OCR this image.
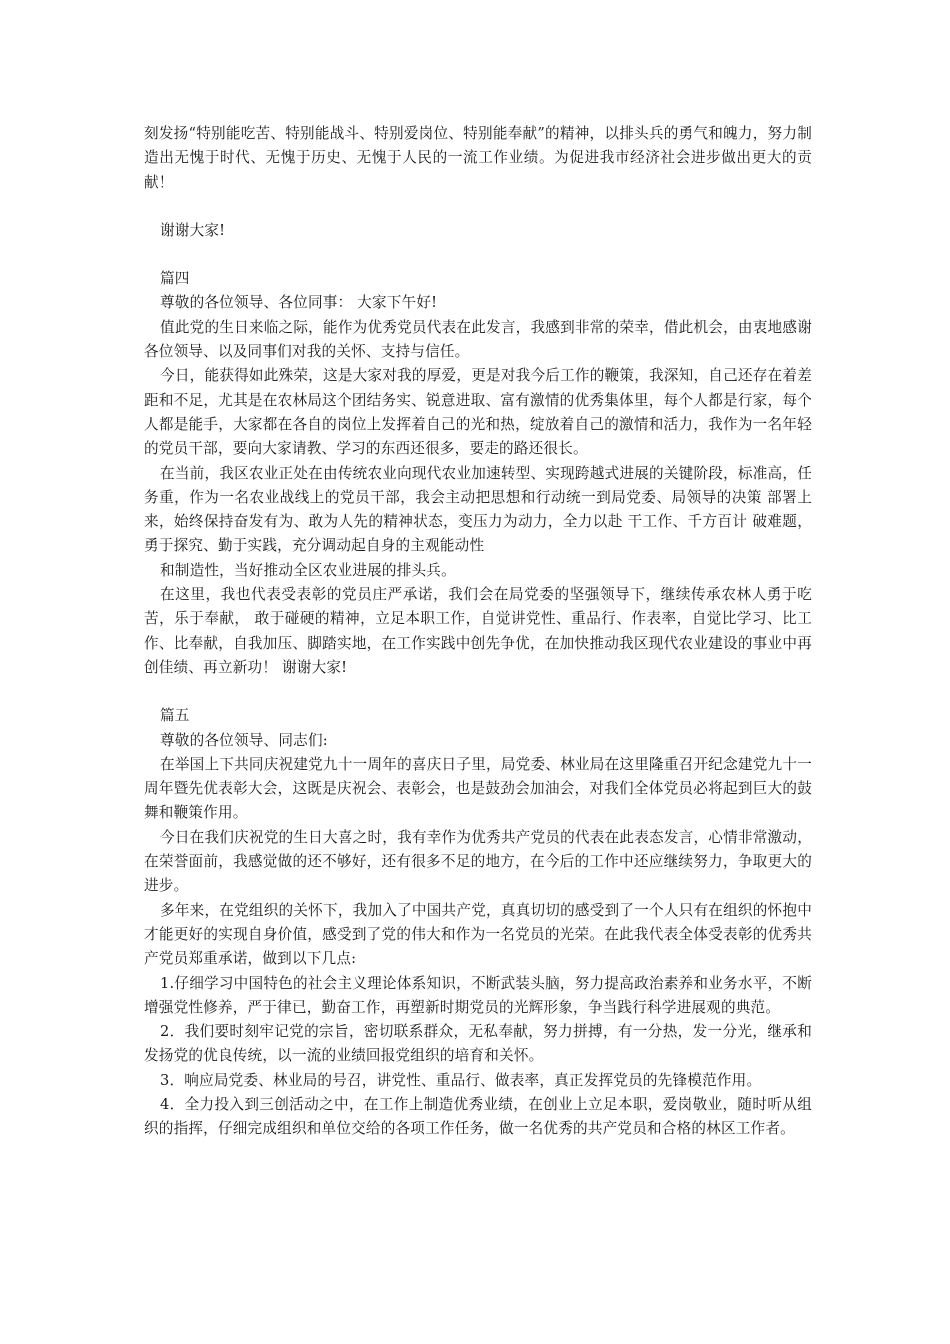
刻发扬“特别能吃苦、特别能战斗、特别爱岗位、特别能奉献”的精神，以排头兵的勇气和魄力，努力制造出无愧于时代、无愧于历史、无愧于人民的一流工作业绩。为促进我市经济社会进步做出更大的贡献！

谢谢大家!

篇四

尊敬的各位领导、各位同事： 大家下午好!

值此党的生日来临之际，能作为优秀党员代表在此发言，我感到非常的荣幸，借此机会，由衷地感谢各位领导、以及同事们对我的关怀、支持与信任。

今日，能获得如此殊荣，这是大家对我的厚爱，更是对我今后工作的鞭策，我深知，自己还存在着差距和不足，尤其是在农林局这个团结务实、锐意进取、富有激情的优秀集体里，每个人都是行家，每个人都是能手，大家都在各自的岗位上发挥着自己的光和热，绽放着自己的激情和活力，我作为一名年轻的党员干部，要向大家请教、学习的东西还很多，要走的路还很长。

在当前，我区农业正处在由传统农业向现代农业加速转型、实现跨越式进展的关键阶段，标准高，任务重，作为一名农业战线上的党员干部，我会主动把思想和行动统一到局党委、局领导的决策 部署上来，始终保持奋发有为、敢为人先的精神状态，变压力为动力，全力以赴 干工作、千方百计 破难题，勇于探究、勤于实践，充分调动起自身的主观能动性

和制造性，当好推动全区农业进展的排头兵。

在这里，我也代表受表彰的党员庄严承诺，我们会在局党委的坚强领导下，继续传承农林人勇于吃苦，乐于奉献， 敢于碰硬的精神，立足本职工作，自觉讲党性、重品行、作表率，自觉比学习、比工作、比奉献，自我加压、脚踏实地，在工作实践中创先争优，在加快推动我区现代农业建设的事业中再创佳绩、再立新功！ 谢谢大家!

篇五

尊敬的各位领导、同志们:

在举国上下共同庆祝建党九十一周年的喜庆日子里，局党委、林业局在这里隆重召开纪念建党九十一周年暨先优表彰大会，这既是庆祝会、表彰会，也是鼓劲会加油会，对我们全体党员必将起到巨大的鼓舞和鞭策作用。

今日在我们庆祝党的生日大喜之时，我有幸作为优秀共产党员的代表在此表态发言，心情非常激动，在荣誉面前，我感觉做的还不够好，还有很多不足的地方，在今后的工作中还应继续努力，争取更大的进步。

多年来，在党组织的关怀下，我加入了中国共产党，真真切切的感受到了一个人只有在组织的怀抱中才能更好的实现自身价值，感受到了党的伟大和作为一名党员的光荣。在此我代表全体受表彰的优秀共产党员郑重承诺，做到以下几点:

1.仔细学习中国特色的社会主义理论体系知识，不断武装头脑，努力提高政治素养和业务水平，不断增强党性修养，严于律已，勤奋工作，再塑新时期党员的光辉形象，争当践行科学进展观的典范。

2．我们要时刻牢记党的宗旨，密切联系群众，无私奉献，努力拼搏，有一分热，发一分光，继承和发扬党的优良传统，以一流的业绩回报党组织的培育和关怀。

3．响应局党委、林业局的号召，讲党性、重品行、做表率，真正发挥党员的先锋模范作用。

4．全力投入到三创活动之中，在工作上制造优秀业绩，在创业上立足本职，爱岗敬业，随时听从组织的指挥，仔细完成组织和单位交给的各项工作任务，做一名优秀的共产党员和合格的林区工作者。
